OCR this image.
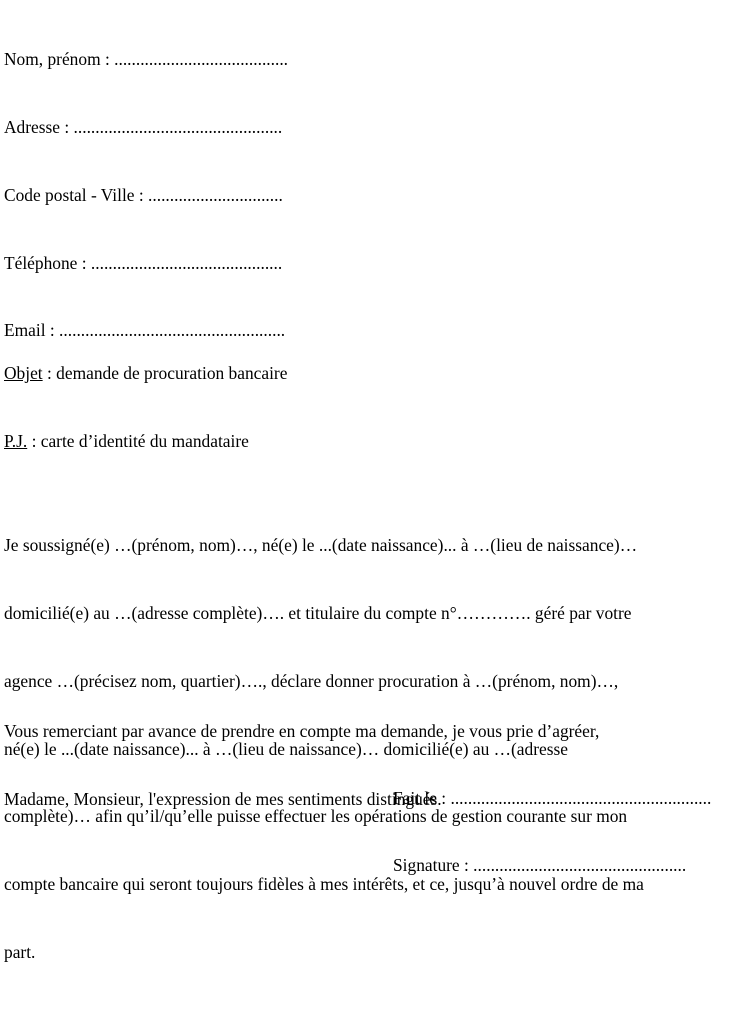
Nom, prénom : ........................................

Adresse : ................................................

Code postal - Ville : ...............................

Téléphone : ............................................

Email : ....................................................

Objet : demande de procuration bancaire

P.J. : carte d’identité du mandataire

Je soussigné(e) …(prénom, nom)…, né(e) le ...(date naissance)... à …(lieu de naissance)…

domicilié(e) au …(adresse complète)…. et titulaire du compte n°…………. géré par votre

agence …(précisez nom, quartier)…., déclare donner procuration à …(prénom, nom)…,

né(e) le ...(date naissance)... à …(lieu de naissance)… domicilié(e) au …(adresse

complète)… afin qu’il/qu’elle puisse effectuer les opérations de gestion courante sur mon

compte bancaire qui seront toujours fidèles à mes intérêts, et ce, jusqu’à nouvel ordre de ma

part.

Vous remerciant par avance de prendre en compte ma demande, je vous prie d’agréer,

Madame, Monsieur, l'expression de mes sentiments distingués.

Fait le : ............................................................
Signature : .................................................
